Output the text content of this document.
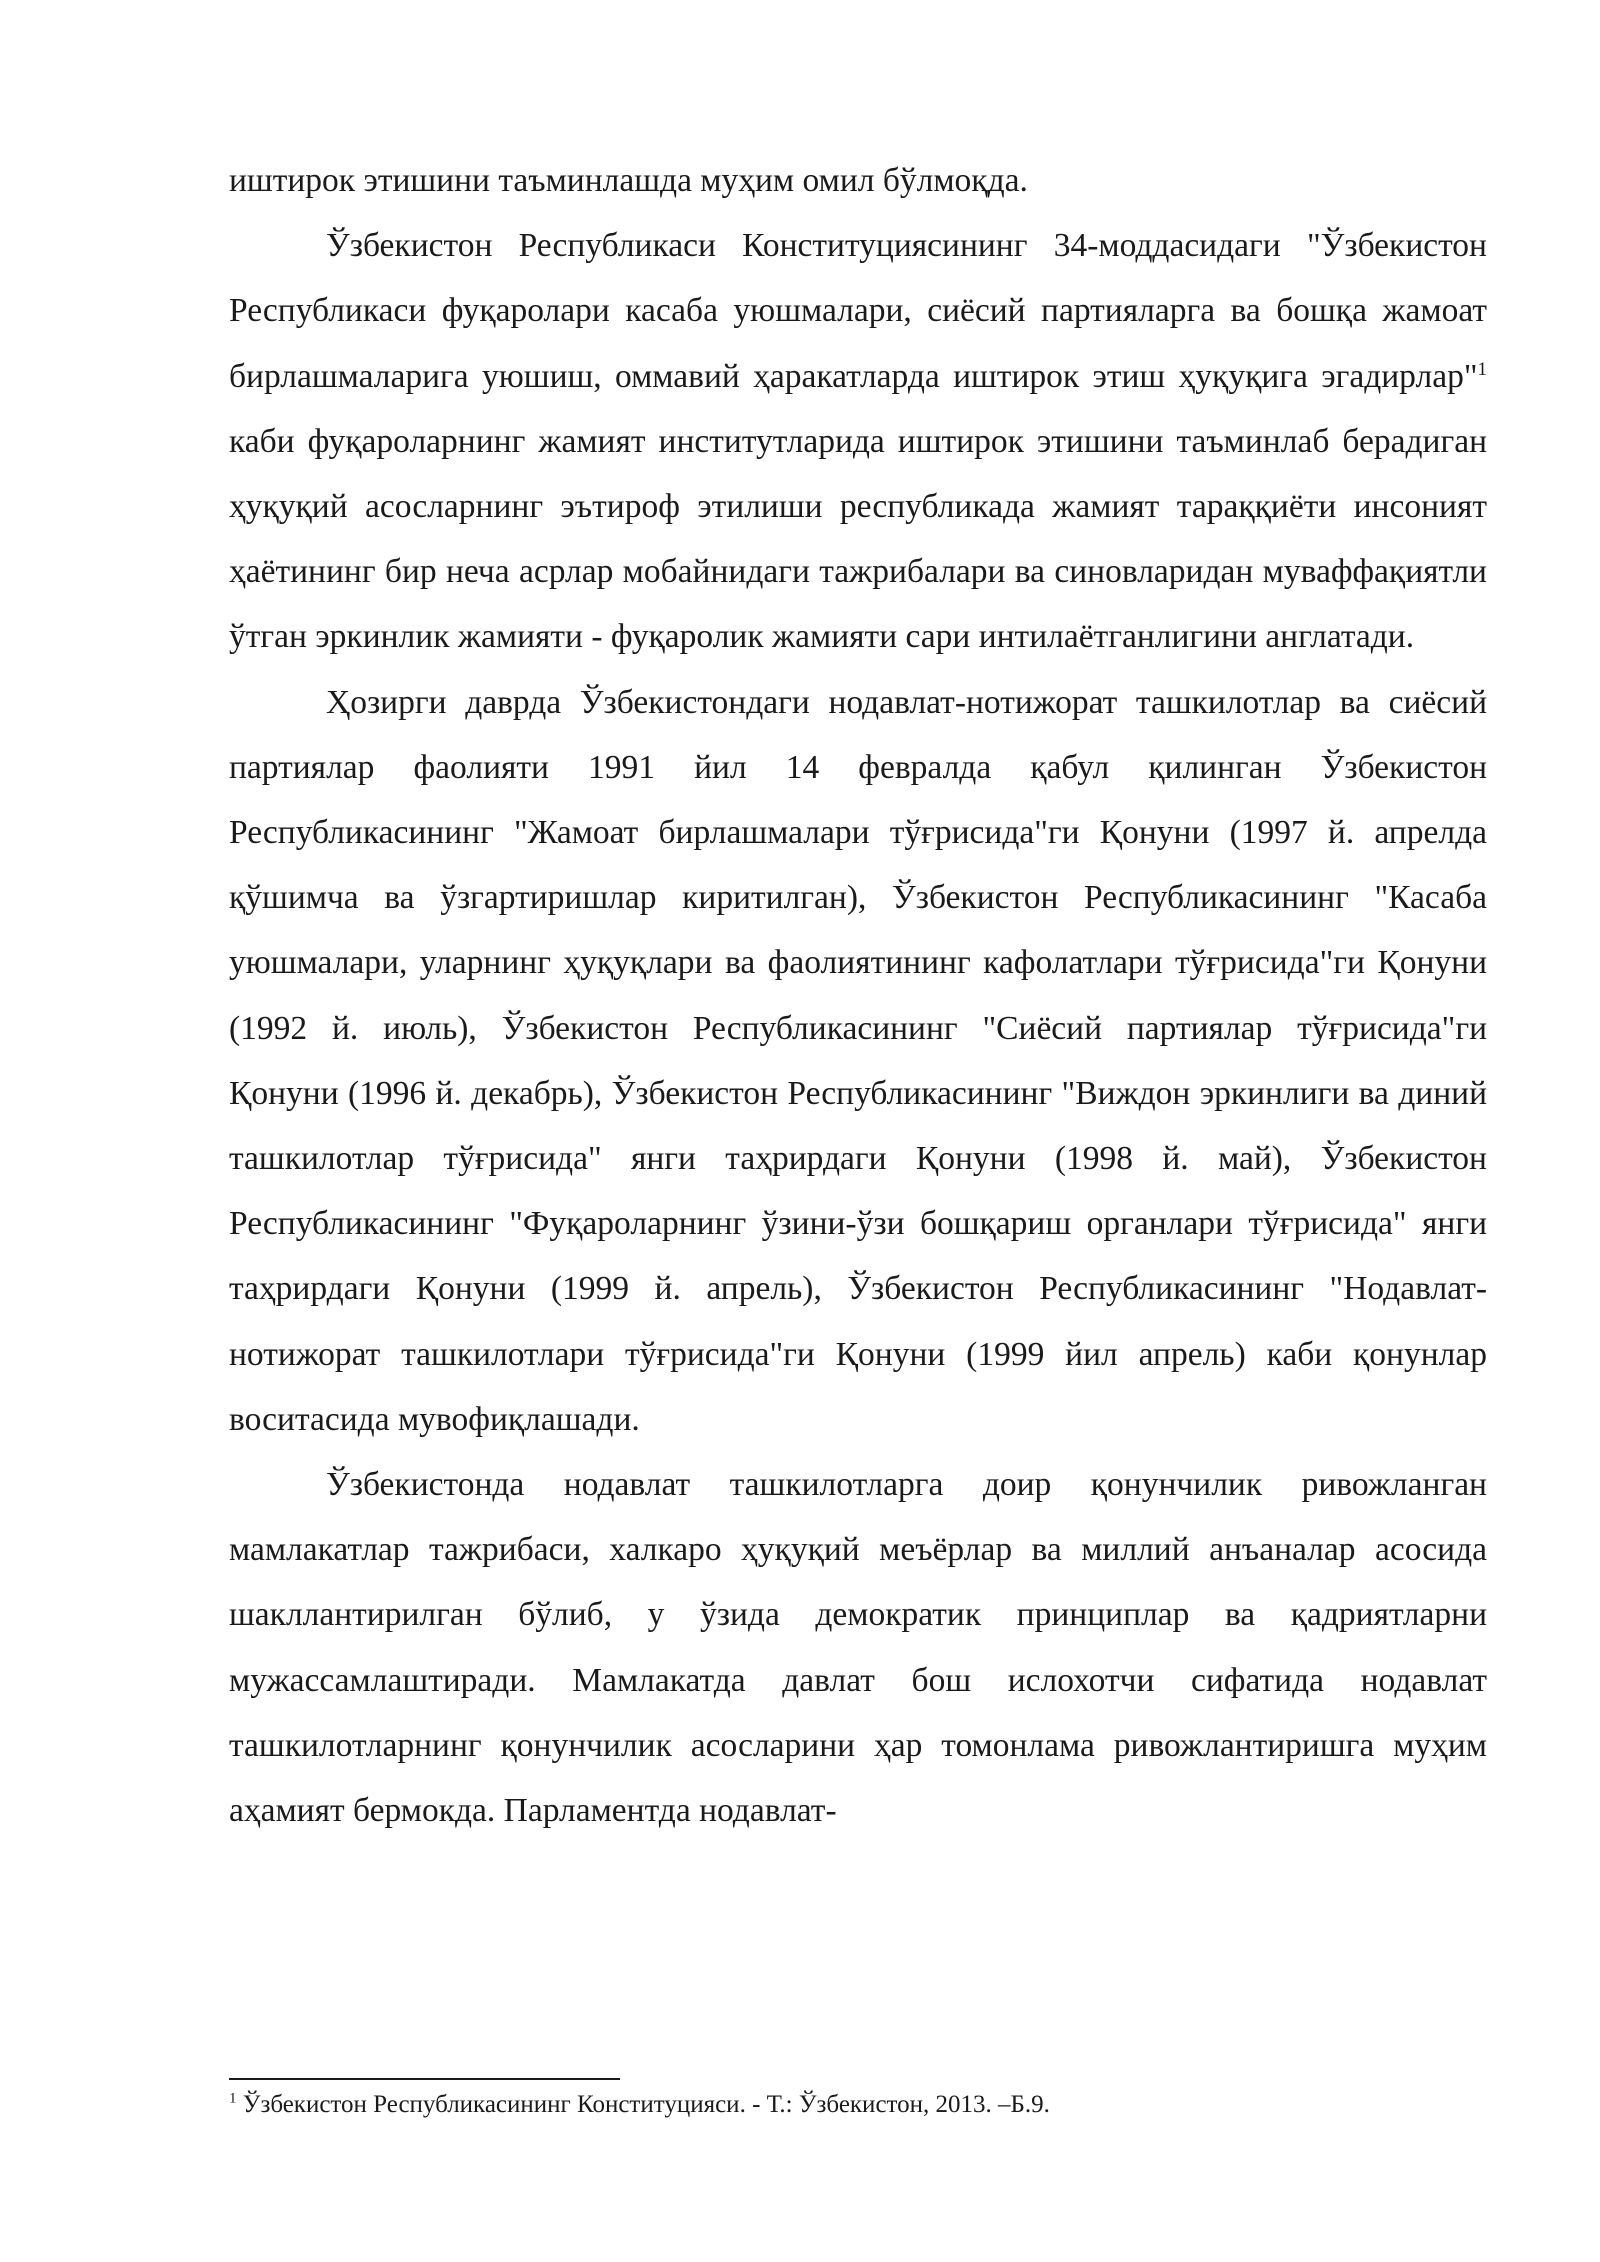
иштирок этишини таъминлашда муҳим омил бўлмоқда.

Ўзбекистон Республикаси Конституциясининг 34-моддасидаги "Ўзбекистон Республикаси фуқаролари касаба уюшмалари, сиёсий партияларга ва бошқа жамоат бирлашмаларига уюшиш, оммавий ҳаракатларда иштирок этиш ҳуқуқига эгадирлар"$^1$ каби фуқароларнинг жамият институтларида иштирок этишини таъминлаб берадиган ҳуқуқий асосларнинг эътироф этилиши республикада жамият тараққиёти инсоният ҳаётининг бир неча асрлар мобайнидаги тажрибалари ва синовларидан муваффақиятли ўтган эркинлик жамияти - фуқаролик жамияти сари интилаётганлигини англатади.

Ҳозирги даврда Ўзбекистондаги нодавлат-нотижорат ташкилотлар ва сиёсий партиялар фаолияти 1991 йил 14 февралда қабул қилинган Ўзбекистон Республикасининг "Жамоат бирлашмалари тўғрисида"ги Қонуни (1997 й. апрелда қўшимча ва ўзгартиришлар киритилган), Ўзбекистон Республикасининг "Касаба уюшмалари, уларнинг ҳуқуқлари ва фаолиятининг кафолатлари тўғрисида"ги Қонуни (1992 й. июль), Ўзбекистон Республикасининг "Сиёсий партиялар тўғрисида"ги Қонуни (1996 й. декабрь), Ўзбекистон Республикасининг "Виждон эркинлиги ва диний ташкилотлар тўғрисида" янги таҳрирдаги Қонуни (1998 й. май), Ўзбекистон Республикасининг "Фуқароларнинг ўзини-ўзи бошқариш органлари тўғрисида" янги таҳрирдаги Қонуни (1999 й. апрель), Ўзбекистон Республикасининг "Нодавлат-нотижорат ташкилотлари тўғрисида"ги Қонуни (1999 йил апрель) каби қонунлар воситасида мувофиқлашади.

Ўзбекистонда нодавлат ташкилотларга доир қонунчилик ривожланган мамлакатлар тажрибаси, халкаро ҳуқуқий меъёрлар ва миллий анъаналар асосида шакллантирилган бўлиб, у ўзида демократик принциплар ва қадриятларни мужассамлаштиради. Мамлакатда давлат бош ислохотчи сифатида нодавлат ташкилотларнинг қонунчилик асосларини ҳар томонлама ривожлантиришга муҳим аҳамият бермокда. Парламентда нодавлат-

$^1$ Ўзбекистон Республикасининг Конституцияси. - Т.: Ўзбекистон, 2013. –Б.9.
